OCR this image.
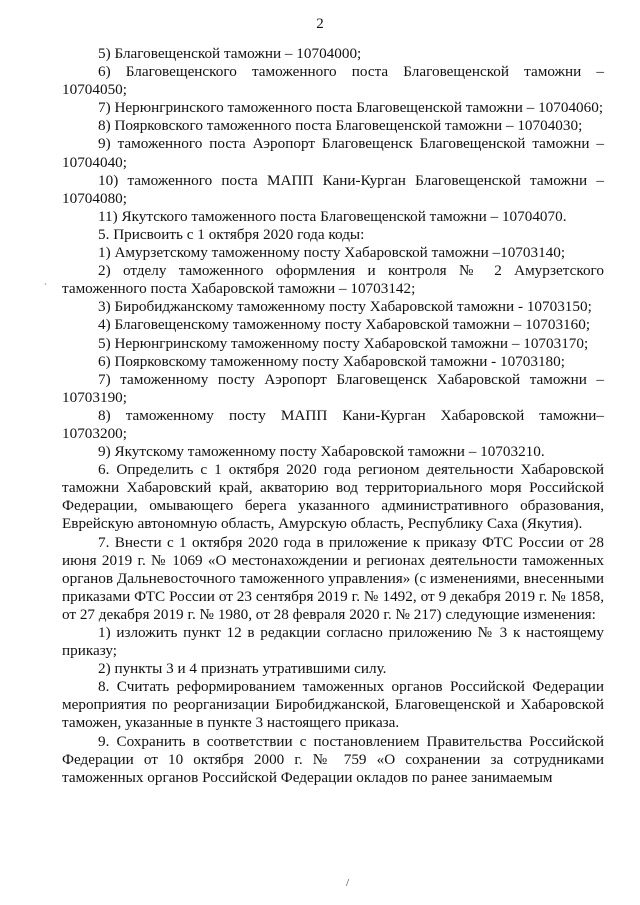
2
`

5) Благовещенской таможни – 10704000;

6) Благовещенского таможенного поста Благовещенской таможни – 10704050;

7) Нерюнгринского таможенного поста Благовещенской таможни – 10704060;

8) Поярковского таможенного поста Благовещенской таможни – 10704030;

9) таможенного поста Аэропорт Благовещенск Благовещенской таможни – 10704040;

10) таможенного поста МАПП Кани-Курган Благовещенской таможни – 10704080;

11) Якутского таможенного поста Благовещенской таможни – 10704070.

5. Присвоить с 1 октября 2020 года коды:

1) Амурзетскому таможенному посту Хабаровской таможни –10703140;

2) отделу таможенного оформления и контроля № 2 Амурзетского таможенного поста Хабаровской таможни – 10703142;

3) Биробиджанскому таможенному посту Хабаровской таможни - 10703150;

4) Благовещенскому таможенному посту Хабаровской таможни – 10703160;

5) Нерюнгринскому таможенному посту Хабаровской таможни – 10703170;

6) Поярковскому таможенному посту Хабаровской таможни - 10703180;

7) таможенному посту Аэропорт Благовещенск Хабаровской таможни – 10703190;

8) таможенному посту МАПП Кани-Курган Хабаровской таможни– 10703200;

9) Якутскому таможенному посту Хабаровской таможни – 10703210.

6. Определить с 1 октября 2020 года регионом деятельности Хабаровской таможни Хабаровский край, акваторию вод территориального моря Российской Федерации, омывающего берега указанного административного образования, Еврейскую автономную область, Амурскую область, Республику Саха (Якутия).

7. Внести с 1 октября 2020 года в приложение к приказу ФТС России от 28 июня 2019 г. № 1069 «О местонахождении и регионах деятельности таможенных органов Дальневосточного таможенного управления» (с изменениями, внесенными приказами ФТС России от 23 сентября 2019 г. № 1492, от 9 декабря 2019 г. № 1858, от 27 декабря 2019 г. № 1980, от 28 февраля 2020 г. № 217) следующие изменения:

1) изложить пункт 12 в редакции согласно приложению № 3 к настоящему приказу;

2) пункты 3 и 4 признать утратившими силу.

8. Считать реформированием таможенных органов Российской Федерации мероприятия по реорганизации Биробиджанской, Благовещенской и Хабаровской таможен, указанные в пункте 3 настоящего приказа.

9. Сохранить в соответствии с постановлением Правительства Российской Федерации от 10 октября 2000 г. № 759 «О сохранении за сотрудниками таможенных органов Российской Федерации окладов по ранее занимаемым

/
